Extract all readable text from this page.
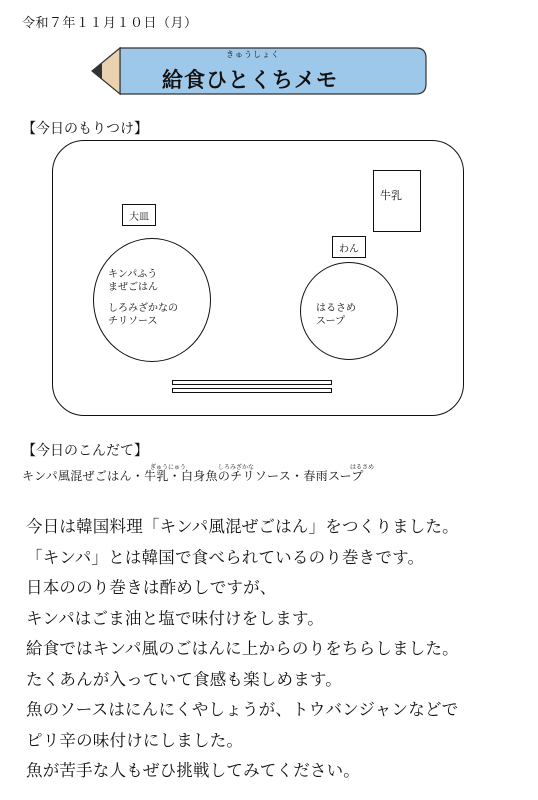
令和７年１１月１０日（月）
きゅうしょく
給食ひとくちメモ
【今日のもりつけ】
大皿
キンパふう
まぜごはん
しろみざかなの
チリソース
牛乳
わん
はるさめ
スープ
【今日のこんだて】
ぎゅうにゅう	しろみざかな	はるさめ
キンパ風混ぜごはん・牛乳・白身魚のチリソース・春雨スープ
今日は韓国料理「キンパ風混ぜごはん」をつくりました。
「キンパ」とは韓国で食べられているのり巻きです。
日本ののり巻きは酢めしですが、
キンパはごま油と塩で味付けをします。
給食ではキンパ風のごはんに上からのりをちらしました。
たくあんが入っていて食感も楽しめます。
魚のソースはにんにくやしょうが、トウバンジャンなどで
ピリ辛の味付けにしました。
魚が苦手な人もぜひ挑戦してみてください。
